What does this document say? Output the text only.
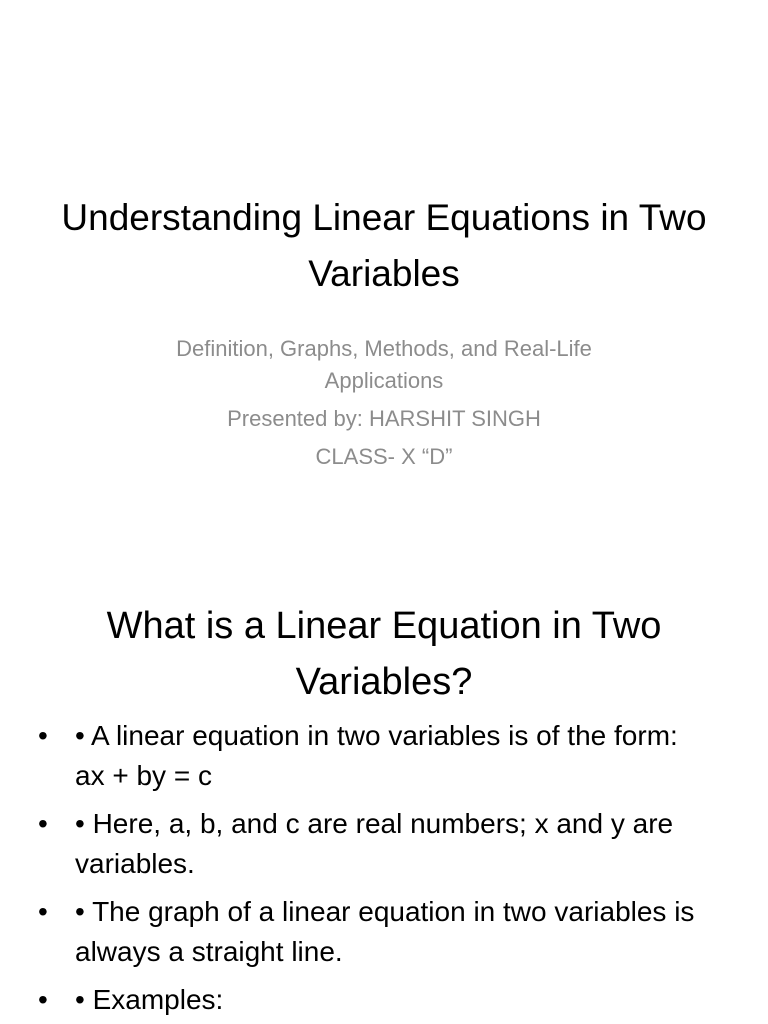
Understanding Linear Equations in Two Variables
Definition, Graphs, Methods, and Real-Life Applications
Presented by: HARSHIT SINGH
CLASS- X “D”
What is a Linear Equation in Two Variables?
• • A linear equation in two variables is of the form: ax + by = c
• • Here, a, b, and c are real numbers; x and y are variables.
• • The graph of a linear equation in two variables is always a straight line.
• • Examples:
